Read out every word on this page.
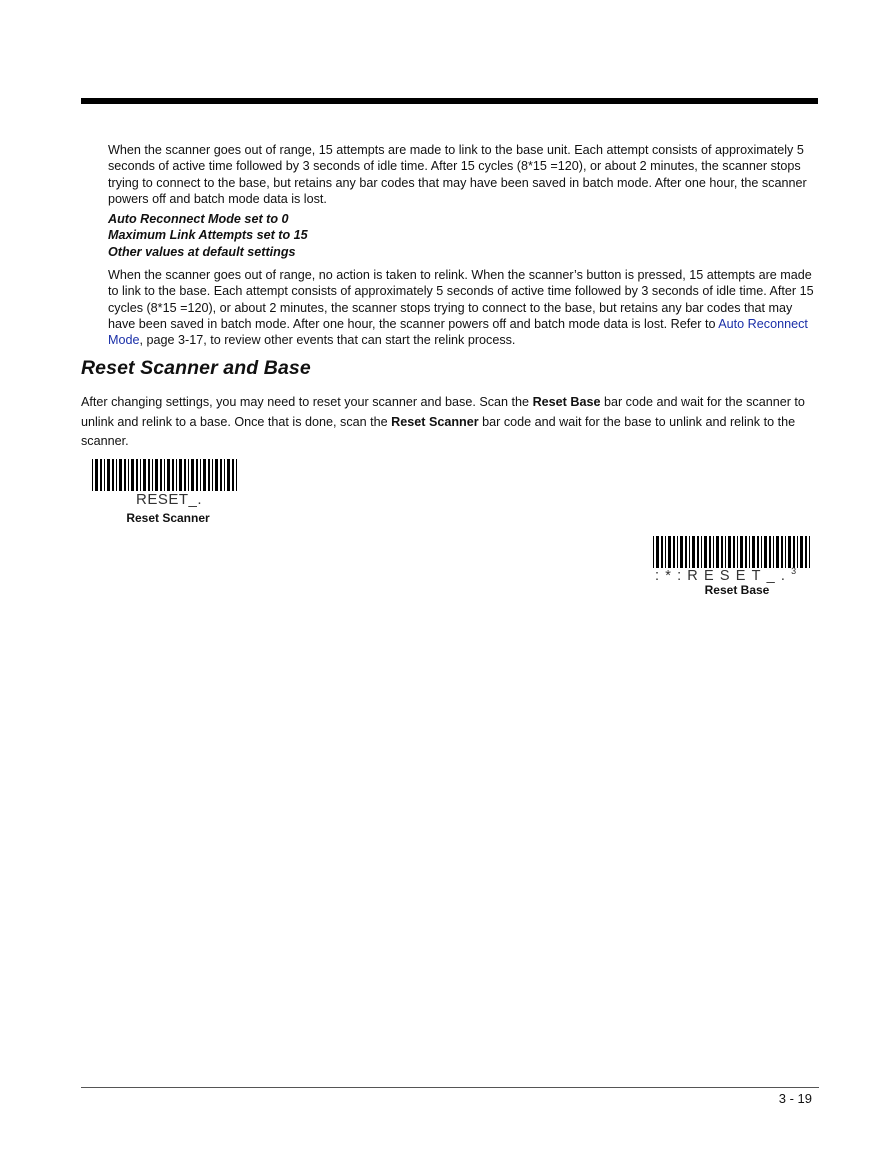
When the scanner goes out of range, 15 attempts are made to link to the base unit. Each attempt consists of approximately 5 seconds of active time followed by 3 seconds of idle time. After 15 cycles (8*15 =120), or about 2 minutes, the scanner stops trying to connect to the base, but retains any bar codes that may have been saved in batch mode. After one hour, the scanner powers off and batch mode data is lost.
Auto Reconnect Mode set to 0
Maximum Link Attempts set to 15
Other values at default settings
When the scanner goes out of range, no action is taken to relink. When the scanner’s button is pressed, 15 attempts are made to link to the base. Each attempt consists of approximately 5 seconds of active time followed by 3 seconds of idle time. After 15 cycles (8*15 =120), or about 2 minutes, the scanner stops trying to connect to the base, but retains any bar codes that may have been saved in batch mode. After one hour, the scanner powers off and batch mode data is lost. Refer to Auto Reconnect Mode, page 3-17, to review other events that can start the relink process.
Reset Scanner and Base
After changing settings, you may need to reset your scanner and base. Scan the Reset Base bar code and wait for the scanner to unlink and relink to a base. Once that is done, scan the Reset Scanner bar code and wait for the base to unlink and relink to the scanner.
RESET_.
Reset Scanner
:*:RESET_.$^3$
Reset Base
3 - 19
